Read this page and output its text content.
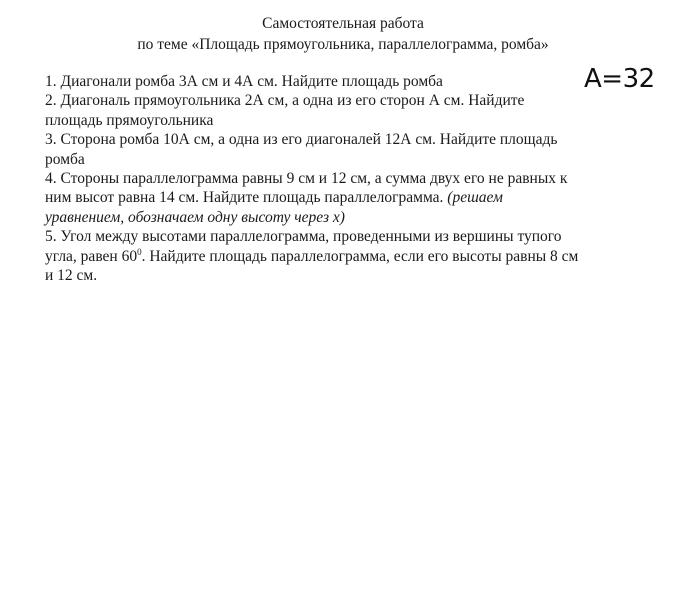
Самостоятельная работа
по теме «Площадь прямоугольника, параллелограмма, ромба»
A=32
1. Диагонали ромба 3А см и 4А см. Найдите площадь ромба
2. Диагональ прямоугольника 2А см, а одна из его сторон А см. Найдите
площадь прямоугольника
3. Сторона ромба 10А см, а одна из его диагоналей 12А см. Найдите площадь
ромба
4. Стороны параллелограмма равны 9 см и 12 см, а сумма двух его не равных к
ним высот равна 14 см. Найдите площадь параллелограмма. (решаем
уравнением, обозначаем одну высоту через х)
5. Угол между высотами параллелограмма, проведенными из вершины тупого
угла, равен $60^0$. Найдите площадь параллелограмма, если его высоты равны 8 см
и 12 см.
